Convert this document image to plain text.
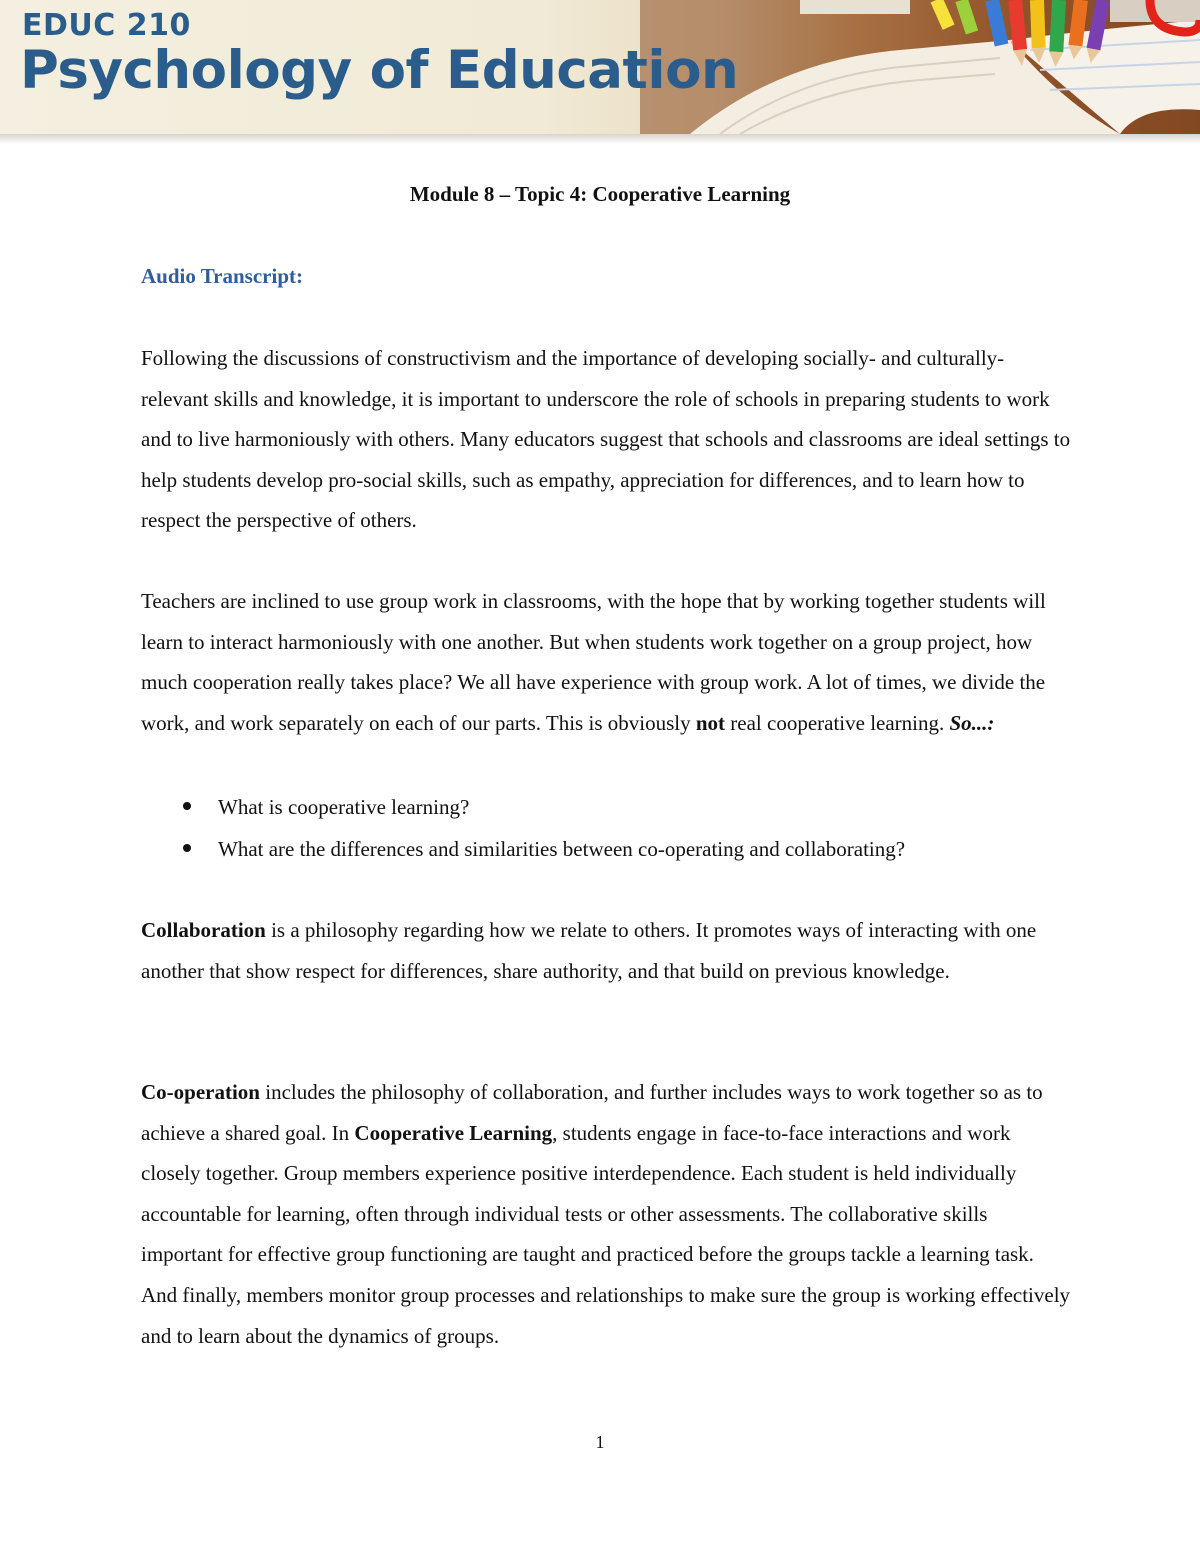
EDUC 210
Psychology of Education
Module 8 – Topic 4: Cooperative Learning
Audio Transcript:

Following the discussions of constructivism and the importance of developing socially- and culturally- relevant skills and knowledge, it is important to underscore the role of schools in preparing students to work and to live harmoniously with others. Many educators suggest that schools and classrooms are ideal settings to help students develop pro-social skills, such as empathy, appreciation for differences, and to learn how to respect the perspective of others.

Teachers are inclined to use group work in classrooms, with the hope that by working together students will learn to interact harmoniously with one another. But when students work together on a group project, how much cooperation really takes place? We all have experience with group work. A lot of times, we divide the work, and work separately on each of our parts. This is obviously not real cooperative learning. So...:

What is cooperative learning?
What are the differences and similarities between co-operating and collaborating?

Collaboration is a philosophy regarding how we relate to others. It promotes ways of interacting with one another that show respect for differences, share authority, and that build on previous knowledge.

Co-operation includes the philosophy of collaboration, and further includes ways to work together so as to achieve a shared goal. In Cooperative Learning, students engage in face-to-face interactions and work closely together. Group members experience positive interdependence. Each student is held individually accountable for learning, often through individual tests or other assessments. The collaborative skills important for effective group functioning are taught and practiced before the groups tackle a learning task. And finally, members monitor group processes and relationships to make sure the group is working effectively and to learn about the dynamics of groups.

1
